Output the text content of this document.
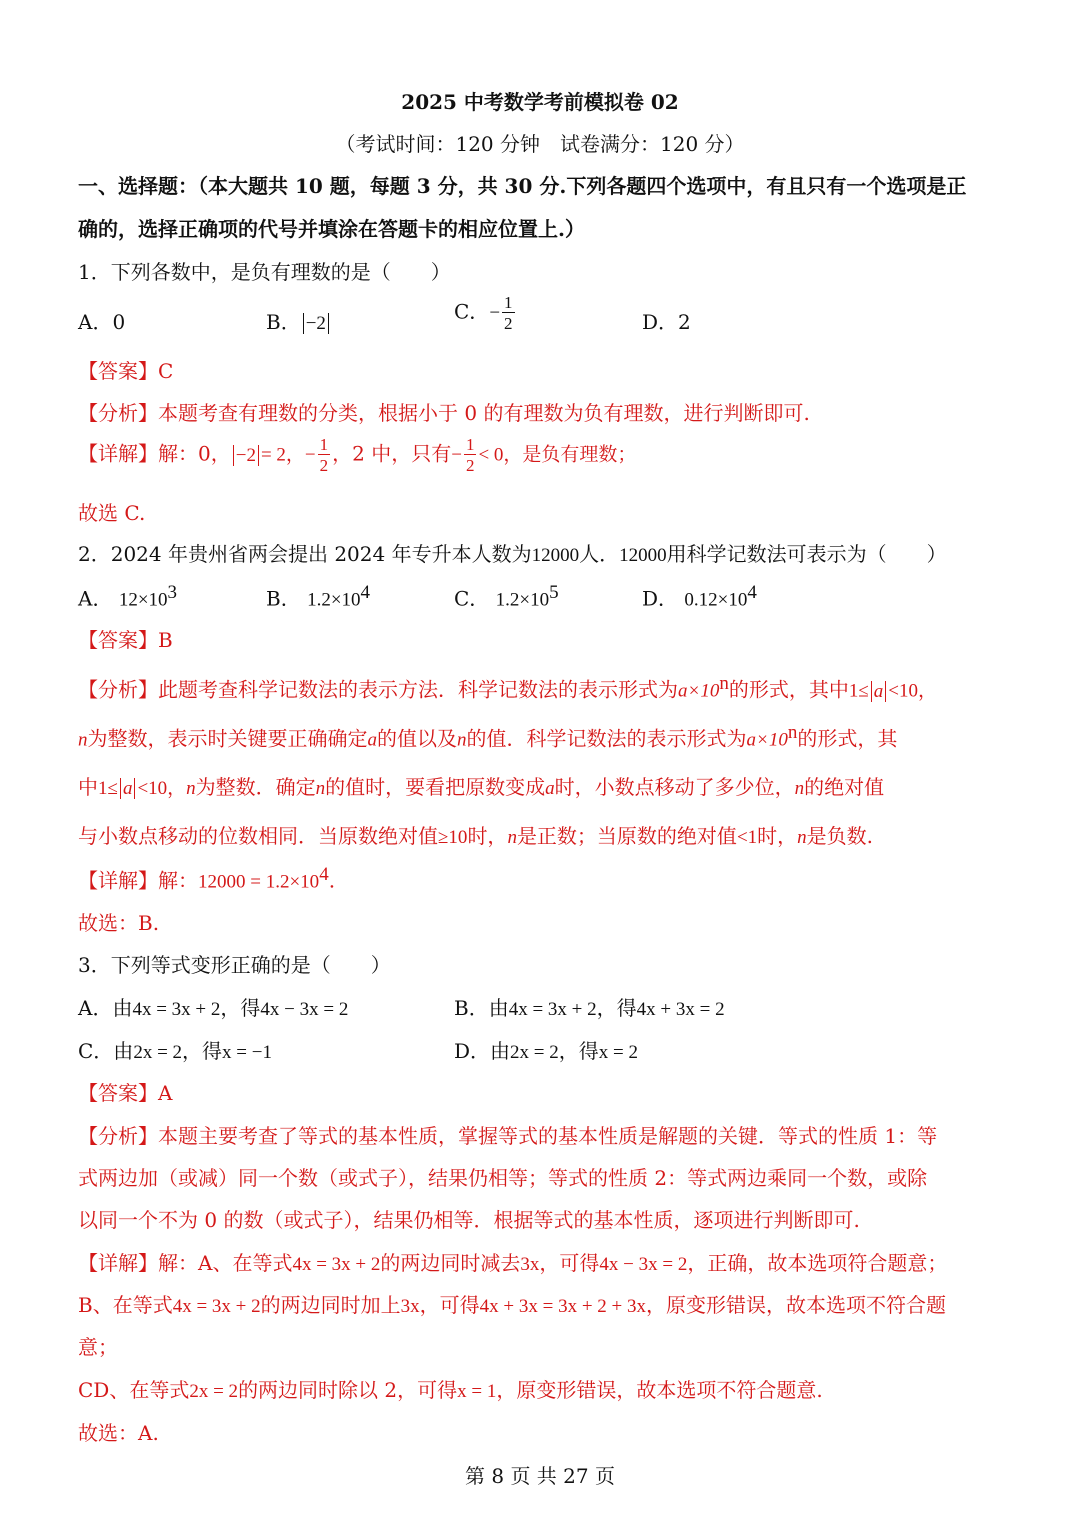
2025 中考数学考前模拟卷 02
（考试时间：120 分钟　试卷满分：120 分）
一、选择题：（本大题共 10 题，每题 3 分，共 30 分.下列各题四个选项中，有且只有一个选项是正
确的，选择正确项的代号并填涂在答题卡的相应位置上.）
1．下列各数中，是负有理数的是（　　）
A．0	B． −2	C．− $\frac{1}{2}$	D．2
【答案】C
【分析】本题考查有理数的分类，根据小于 0 的有理数为负有理数，进行判断即可.
【详解】解：0， −2 = 2，− $\frac{1}{2}$ ，2 中，只有− $\frac{1}{2} < 0$，是负有理数；
故选 C.
2．2024 年贵州省两会提出 2024 年专升本人数为12000人．12000用科学记数法可表示为（　　）
A． $12\times 10^3$	B． $1.2\times 10^4$	C． $1.2\times 10^5$	D． $0.12\times 10^4$
【答案】B
【分析】此题考查科学记数法的表示方法．科学记数法的表示形式为$a\times 10^n$的形式，其中1≤ a <10，
n为整数，表示时关键要正确确定a的值以及n的值．科学记数法的表示形式为$a\times 10^n$的形式，其
中1≤ a <10，n为整数．确定n的值时，要看把原数变成a时，小数点移动了多少位，n的绝对值
与小数点移动的位数相同．当原数绝对值≥10时，n是正数；当原数的绝对值<1时，n是负数.
【详解】解：$12000 = 1.2\times 10^4$.
故选：B.
3．下列等式变形正确的是（　　）
A．由4x = 3x + 2，得4x − 3x = 2	B．由4x = 3x + 2，得4x + 3x = 2
C．由2x = 2，得x = −1	D．由2x = 2，得x = 2
【答案】A
【分析】本题主要考查了等式的基本性质，掌握等式的基本性质是解题的关键．等式的性质 1：等
式两边加（或减）同一个数（或式子），结果仍相等；等式的性质 2：等式两边乘同一个数，或除
以同一个不为 0 的数（或式子），结果仍相等．根据等式的基本性质，逐项进行判断即可.
【详解】解：A、在等式4x = 3x + 2的两边同时减去3x，可得4x − 3x = 2，正确，故本选项符合题意；
B、在等式4x = 3x + 2的两边同时加上3x，可得4x + 3x = 3x + 2 + 3x，原变形错误，故本选项不符合题
意；
CD、在等式2x = 2的两边同时除以 2，可得x = 1，原变形错误，故本选项不符合题意.
故选：A.
第 8 页 共 27 页
